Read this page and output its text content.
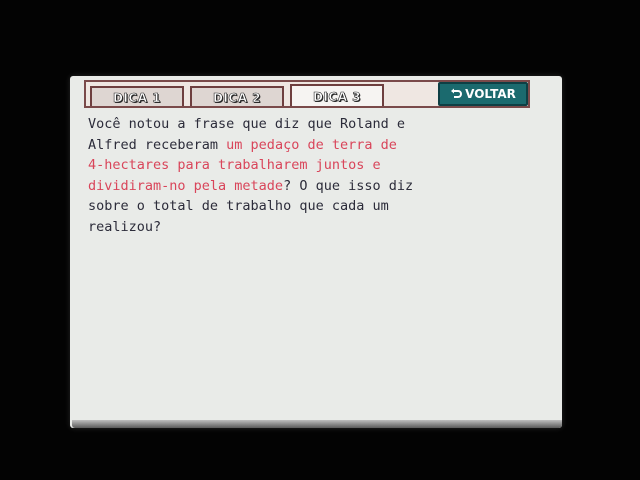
DICA 1	DICA 2	DICA 3	VOLTAR
Você notou a frase que diz que Roland e
Alfred receberam um pedaço de terra de
4-hectares para trabalharem juntos e
dividiram-no pela metade? O que isso diz
sobre o total de trabalho que cada um
realizou?
